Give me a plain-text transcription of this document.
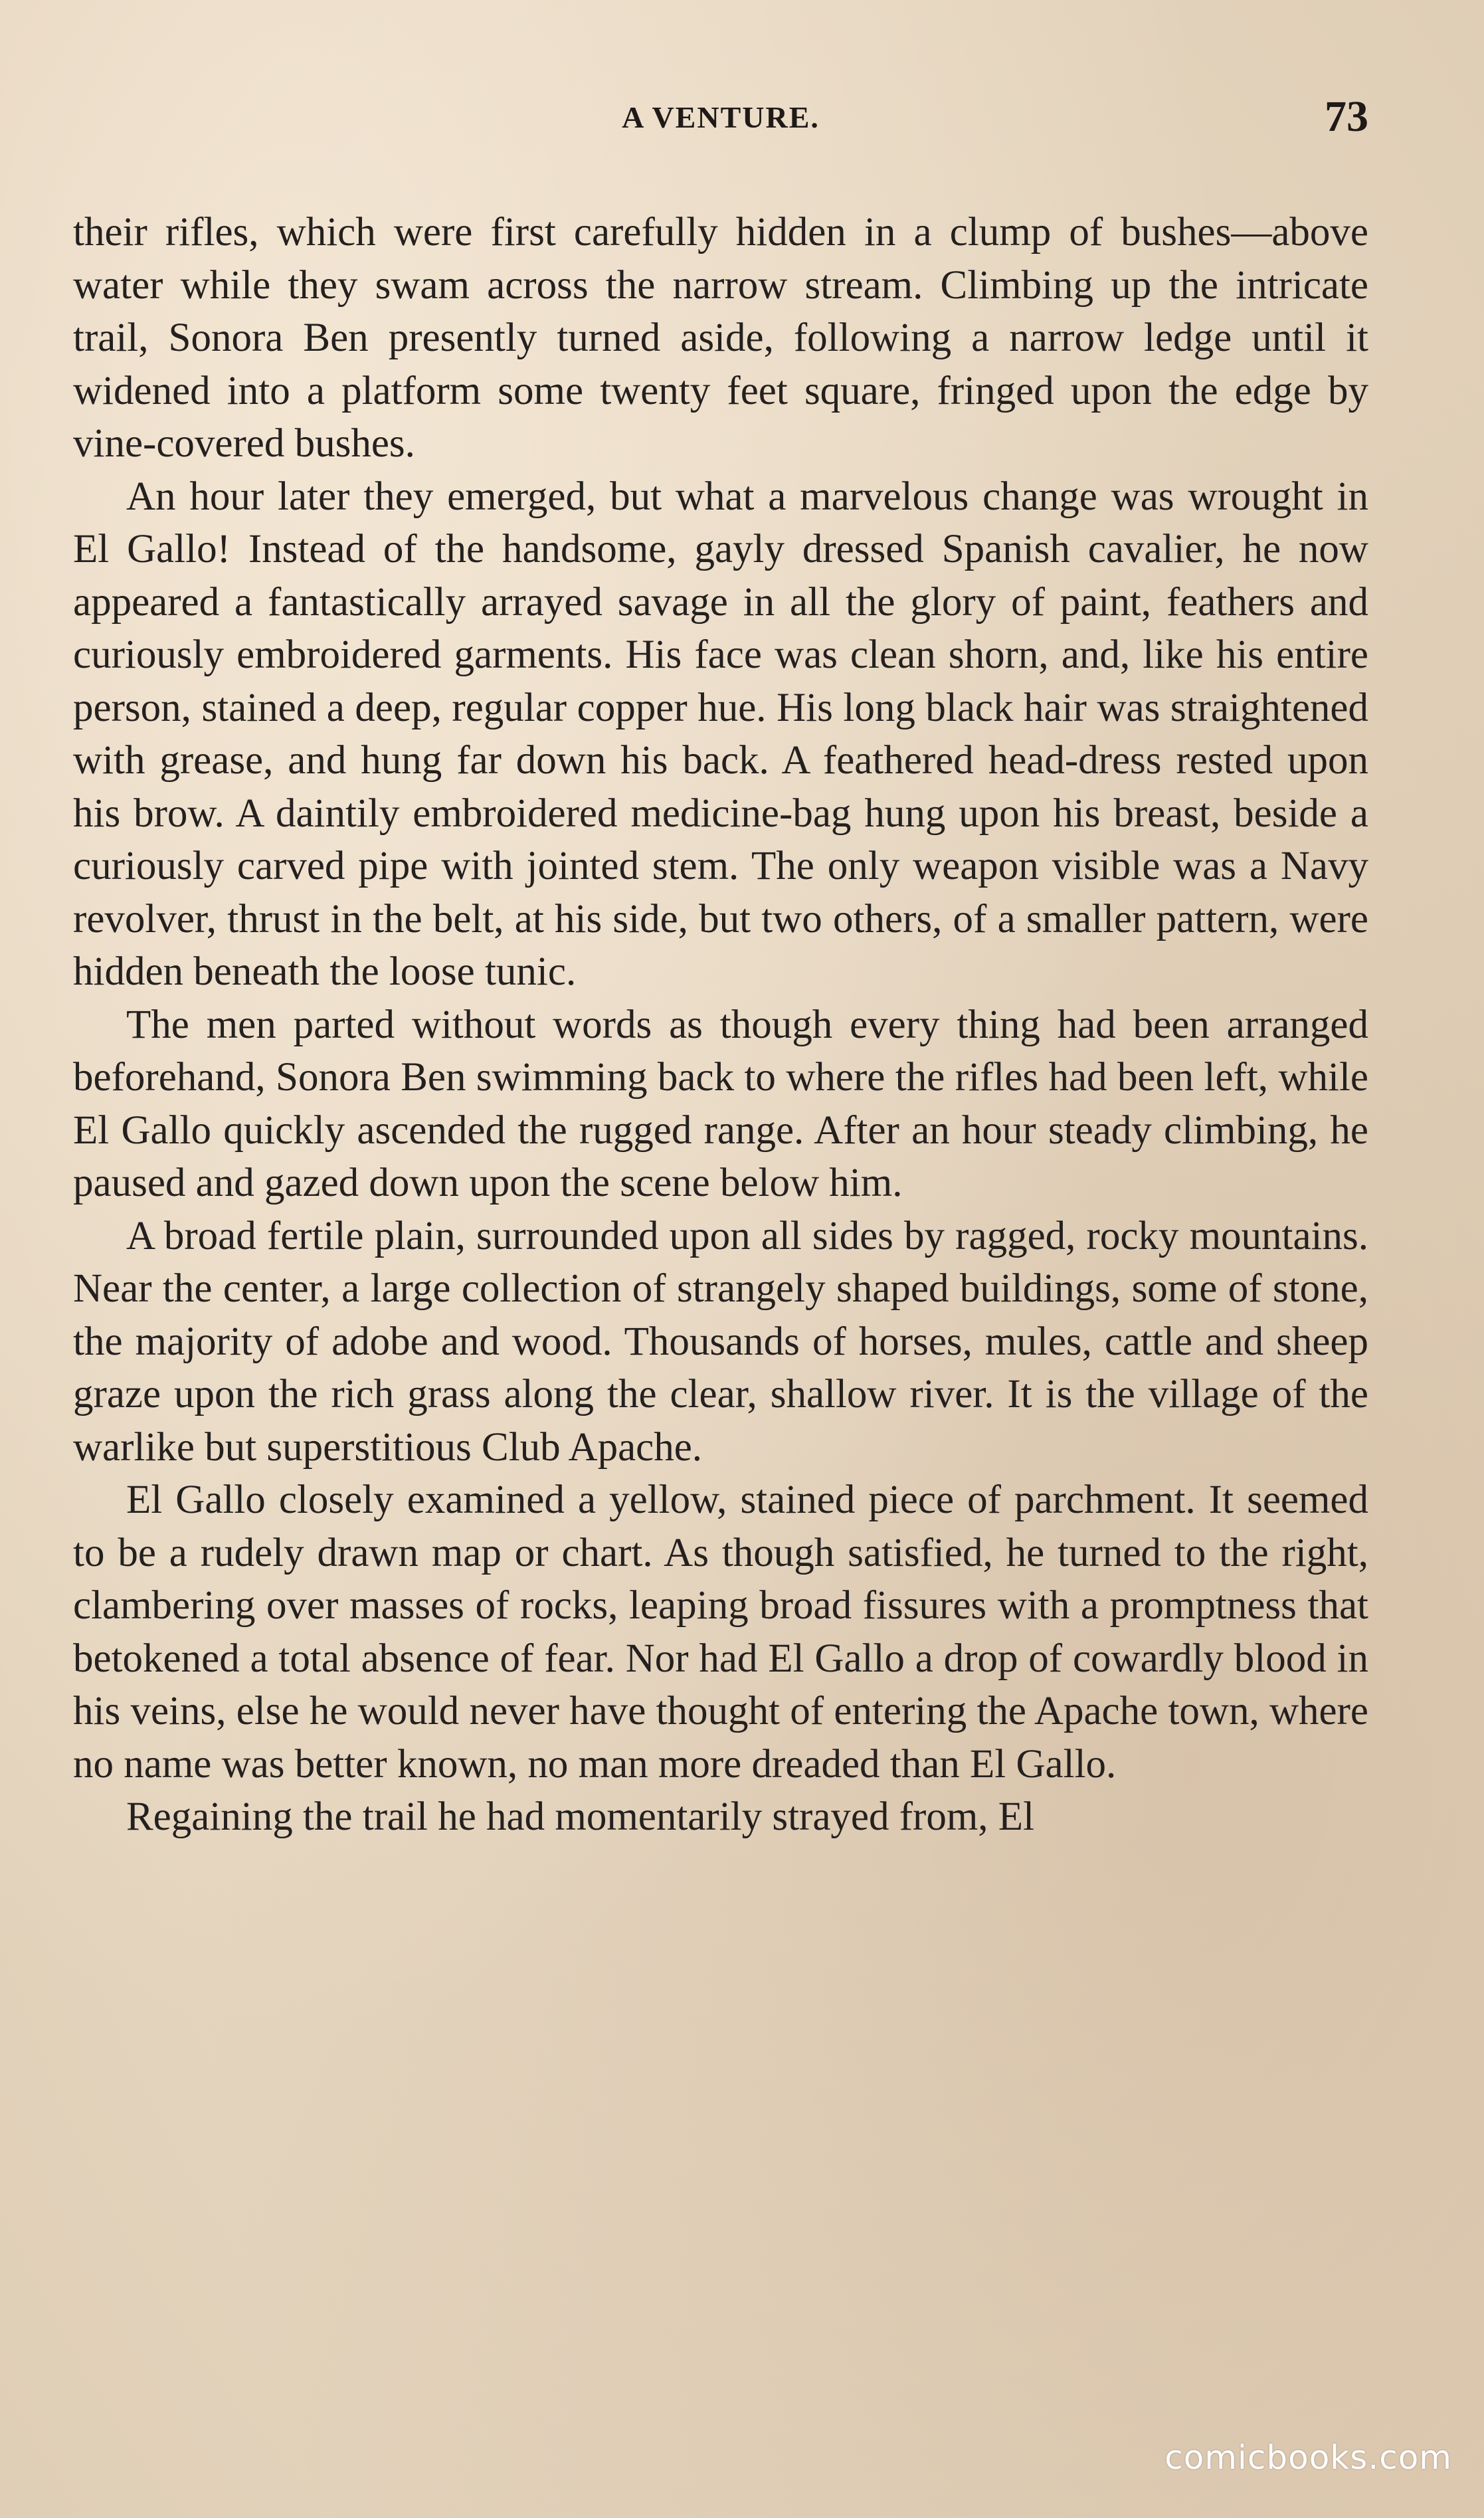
A VENTURE.	73

their rifles, which were first carefully hidden in a clump of bushes—above water while they swam across the narrow stream. Climbing up the intricate trail, Sonora Ben presently turned aside, following a narrow ledge until it widened into a platform some twenty feet square, fringed upon the edge by vine-covered bushes.

An hour later they emerged, but what a marvelous change was wrought in El Gallo! Instead of the handsome, gayly dressed Spanish cavalier, he now appeared a fantastically arrayed savage in all the glory of paint, feathers and curiously embroidered garments. His face was clean shorn, and, like his entire person, stained a deep, regular copper hue. His long black hair was straightened with grease, and hung far down his back. A feathered head-dress rested upon his brow. A daintily embroidered medicine-bag hung upon his breast, beside a curiously carved pipe with jointed stem. The only weapon visible was a Navy revolver, thrust in the belt, at his side, but two others, of a smaller pattern, were hidden beneath the loose tunic.

The men parted without words as though every thing had been arranged beforehand, Sonora Ben swimming back to where the rifles had been left, while El Gallo quickly ascended the rugged range. After an hour steady climbing, he paused and gazed down upon the scene below him.

A broad fertile plain, surrounded upon all sides by ragged, rocky mountains. Near the center, a large collection of strangely shaped buildings, some of stone, the majority of adobe and wood. Thousands of horses, mules, cattle and sheep graze upon the rich grass along the clear, shallow river. It is the village of the warlike but superstitious Club Apache.

El Gallo closely examined a yellow, stained piece of parchment. It seemed to be a rudely drawn map or chart. As though satisfied, he turned to the right, clambering over masses of rocks, leaping broad fissures with a promptness that betokened a total absence of fear. Nor had El Gallo a drop of cowardly blood in his veins, else he would never have thought of entering the Apache town, where no name was better known, no man more dreaded than El Gallo.

Regaining the trail he had momentarily strayed from, El

comicbooks.com
